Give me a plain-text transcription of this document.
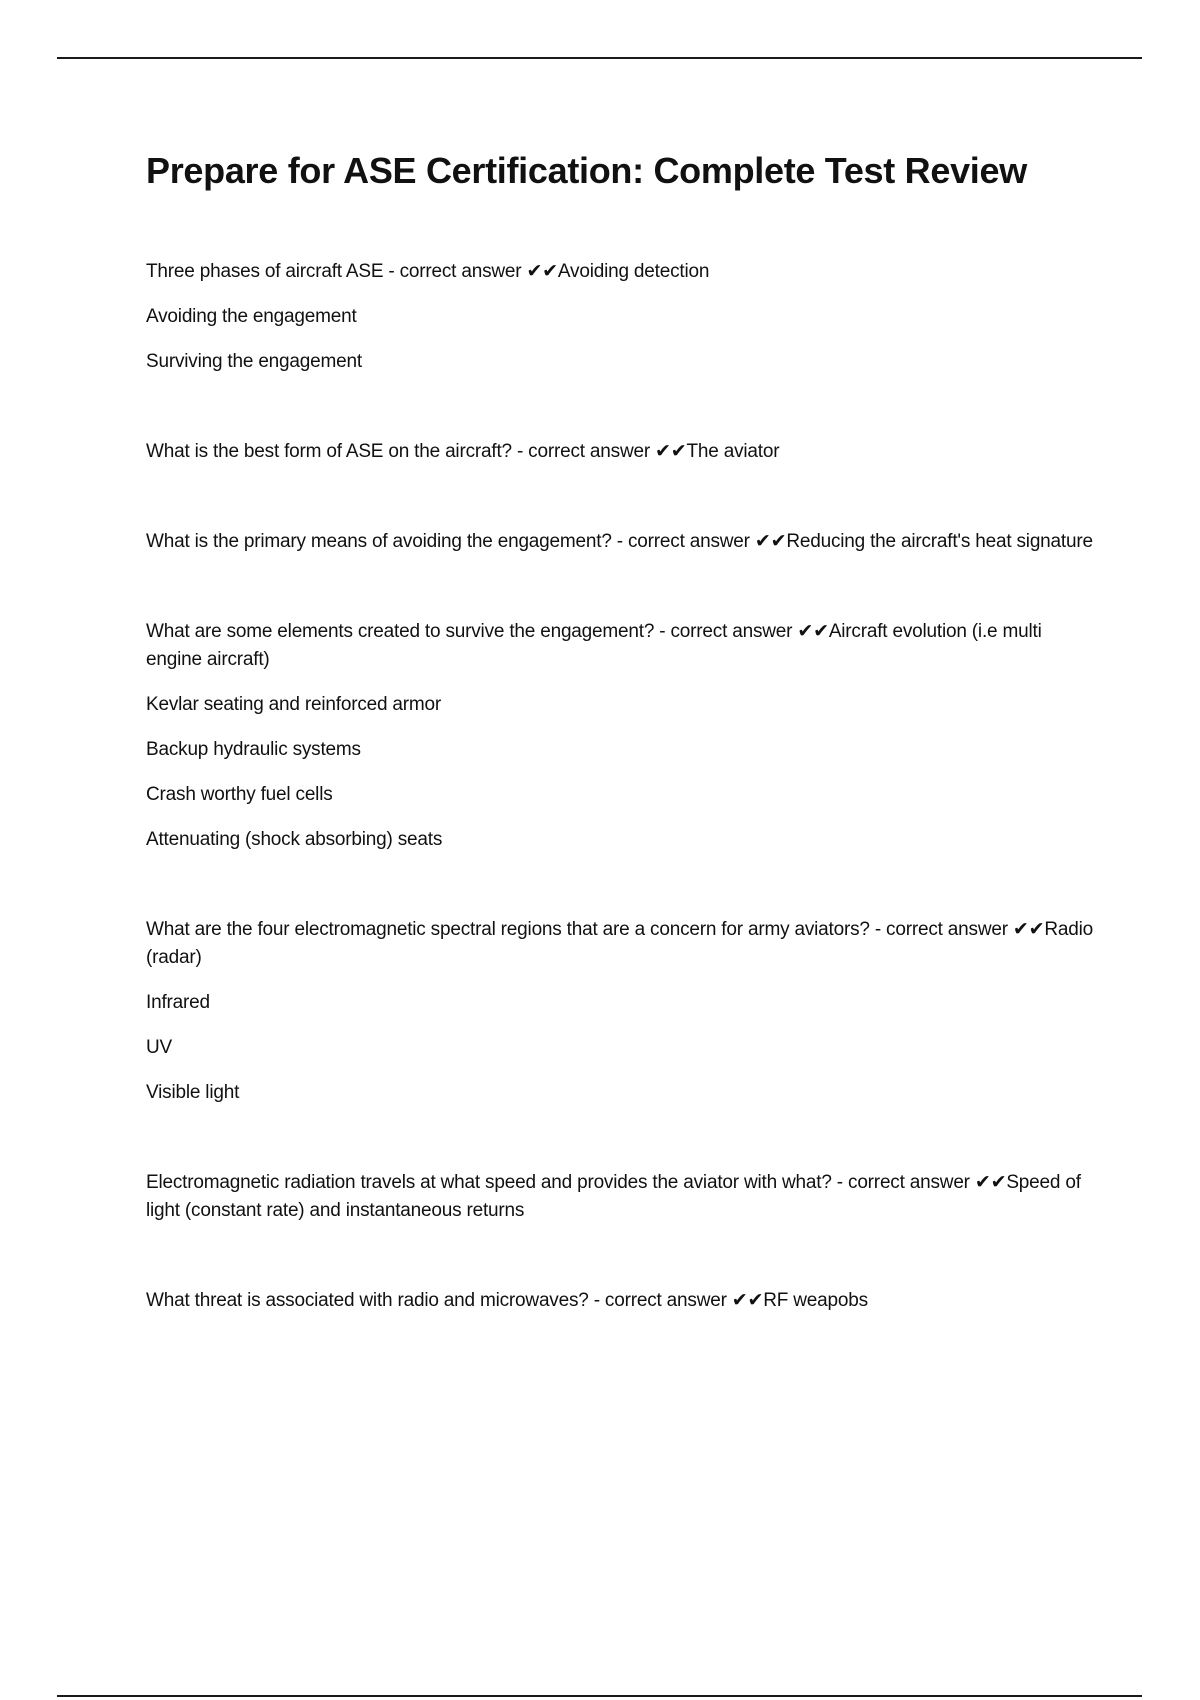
Prepare for ASE Certification: Complete Test Review

Three phases of aircraft ASE - correct answer ✔✔Avoiding detection

Avoiding the engagement

Surviving the engagement

What is the best form of ASE on the aircraft? - correct answer ✔✔The aviator

What is the primary means of avoiding the engagement? - correct answer ✔✔Reducing the aircraft's heat signature

What are some elements created to survive the engagement? - correct answer ✔✔Aircraft evolution (i.e multi engine aircraft)

Kevlar seating and reinforced armor

Backup hydraulic systems

Crash worthy fuel cells

Attenuating (shock absorbing) seats

What are the four electromagnetic spectral regions that are a concern for army aviators? - correct answer ✔✔Radio (radar)

Infrared

UV

Visible light

Electromagnetic radiation travels at what speed and provides the aviator with what? - correct answer ✔✔Speed of light (constant rate) and instantaneous returns

What threat is associated with radio and microwaves? - correct answer ✔✔RF weapobs
